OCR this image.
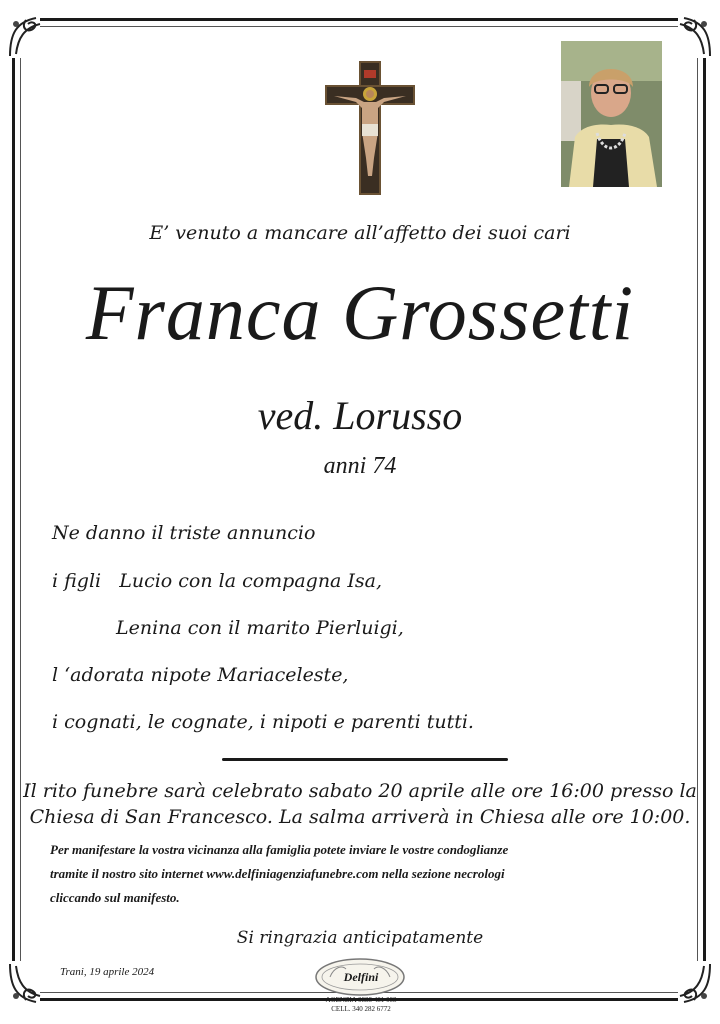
E’ venuto a mancare all’affetto dei suoi cari
Franca Grossetti
ved. Lorusso
anni 74
Ne danno il triste annuncio
i figli   Lucio con la compagna Isa,
Lenina con il marito Pierluigi,
l ‘adorata nipote Mariaceleste,
i cognati, le cognate, i nipoti e parenti tutti.
Il rito funebre sarà celebrato sabato 20 aprile alle ore 16:00 presso la
Chiesa di San Francesco. La salma arriverà in Chiesa alle ore 10:00.
Per manifestare la vostra vicinanza alla famiglia potete inviare le vostre condoglianze
tramite il nostro sito internet www.delfiniagenziafunebre.com nella sezione necrologi
cliccando sul manifesto.
Si ringrazia anticipatamente
Trani, 19 aprile 2024	Delfini
AGENZIA 0883 481 608
CELL. 340 282 6772
